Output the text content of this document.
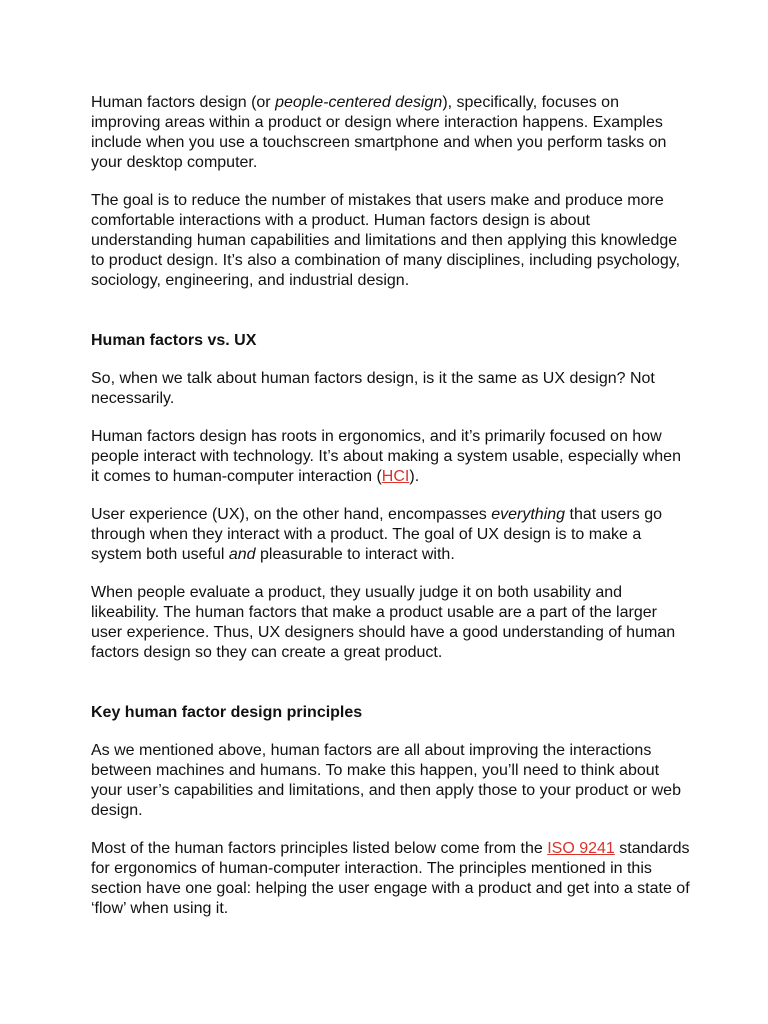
Human factors design (or people-centered design), specifically, focuses on improving areas within a product or design where interaction happens. Examples include when you use a touchscreen smartphone and when you perform tasks on your desktop computer.

The goal is to reduce the number of mistakes that users make and produce more comfortable interactions with a product. Human factors design is about understanding human capabilities and limitations and then applying this knowledge to product design. It’s also a combination of many disciplines, including psychology, sociology, engineering, and industrial design.

Human factors vs. UX

So, when we talk about human factors design, is it the same as UX design? Not necessarily.

Human factors design has roots in ergonomics, and it’s primarily focused on how people interact with technology. It’s about making a system usable, especially when it comes to human-computer interaction (HCI).

User experience (UX), on the other hand, encompasses everything that users go through when they interact with a product. The goal of UX design is to make a system both useful and pleasurable to interact with.

When people evaluate a product, they usually judge it on both usability and likeability. The human factors that make a product usable are a part of the larger user experience. Thus, UX designers should have a good understanding of human factors design so they can create a great product.

Key human factor design principles

As we mentioned above, human factors are all about improving the interactions between machines and humans. To make this happen, you’ll need to think about your user’s capabilities and limitations, and then apply those to your product or web design.

Most of the human factors principles listed below come from the ISO 9241 standards for ergonomics of human-computer interaction. The principles mentioned in this section have one goal: helping the user engage with a product and get into a state of ‘flow’ when using it.
